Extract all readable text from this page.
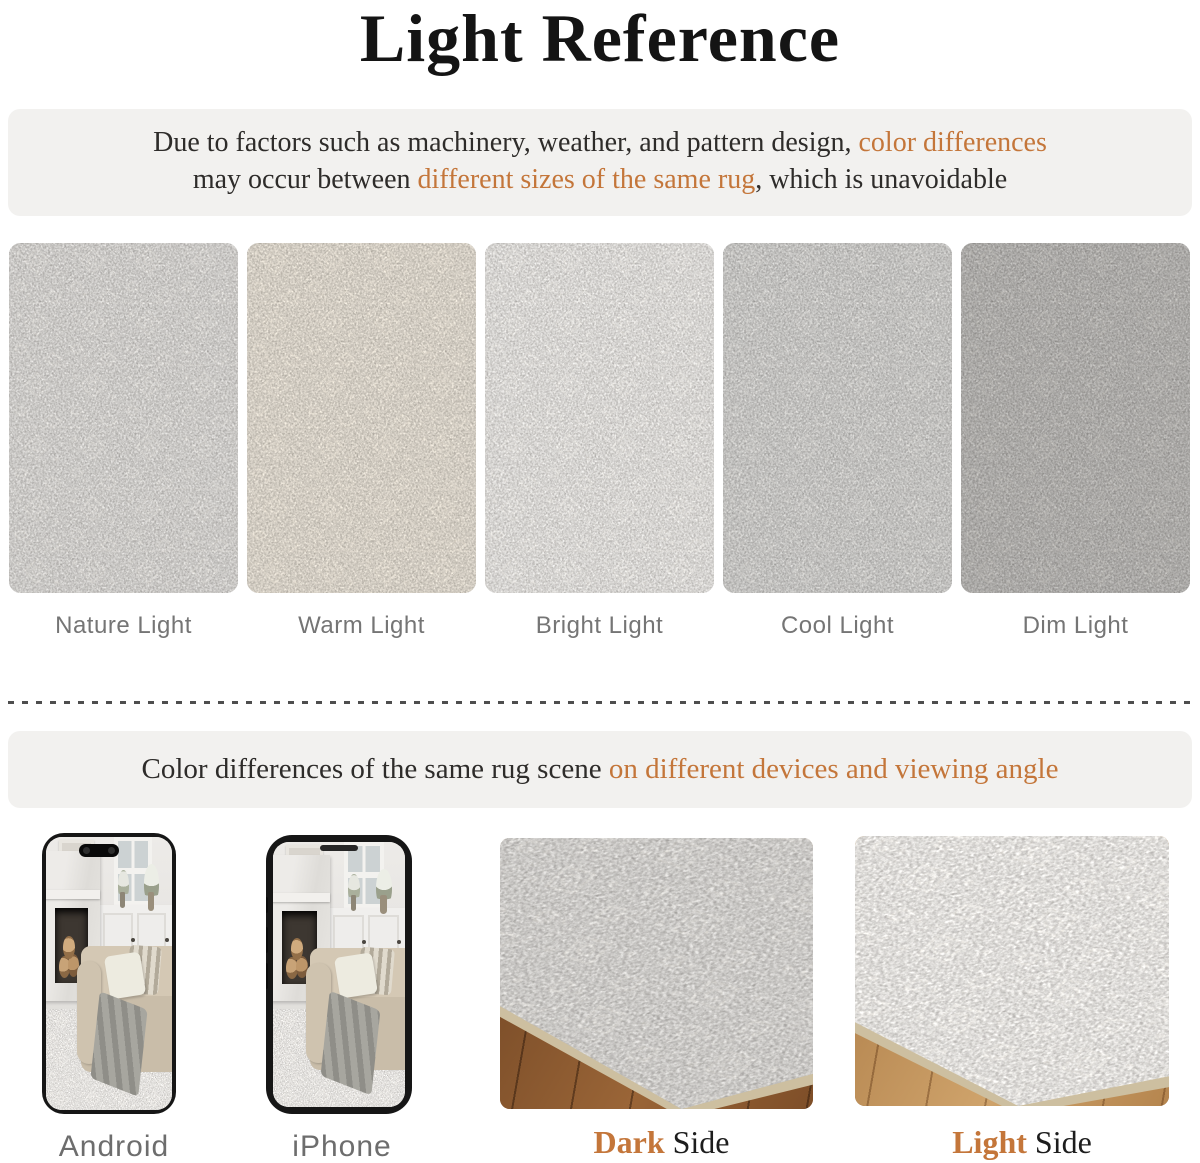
Light Reference
Due to factors such as machinery, weather, and pattern design, color differences
may occur between different sizes of the same rug, which is unavoidable
Nature Light	Warm Light	Bright Light	Cool Light	Dim Light
Color differences of the same rug scene on different devices and viewing angle
Android	iPhone	Dark Side	Light Side
